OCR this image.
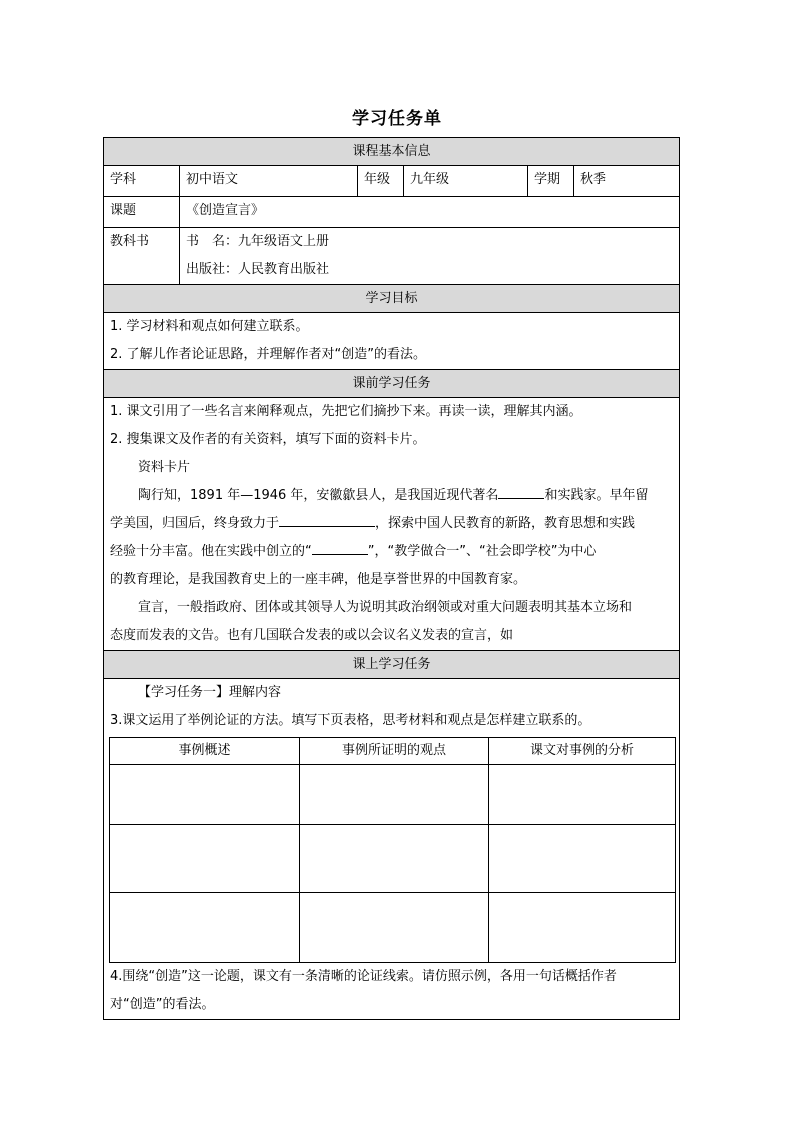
学习任务单
课程基本信息
学科	初中语文	年级	九年级	学期	秋季
课题	《创造宣言》
教科书	书　名：九年级语文上册
出版社：人民教育出版社

学习目标

1. 学习材料和观点如何建立联系。
2. 了解儿作者论证思路，并理解作者对“创造”的看法。

课前学习任务

1. 课文引用了一些名言来阐释观点，先把它们摘抄下来。再读一读，理解其内涵。
2. 搜集课文及作者的有关资料，填写下面的资料卡片。
资料卡片
陶行知，1891 年—1946 年，安徽歙县人，是我国近现代著名	和实践家。早年留
学美国，归国后，终身致力于	，探索中国人民教育的新路，教育思想和实践
经验十分丰富。他在实践中创立的“	”，“教学做合一”、“社会即学校”为中心
的教育理论，是我国教育史上的一座丰碑，他是享誉世界的中国教育家。
宣言，一般指政府、团体或其领导人为说明其政治纲领或对重大问题表明其基本立场和
态度而发表的文告。也有几国联合发表的或以会议名义发表的宣言，如

课上学习任务

【学习任务一】理解内容
3.课文运用了举例论证的方法。填写下页表格，思考材料和观点是怎样建立联系的。
事例概述	事例所证明的观点	课文对事例的分析

4.围绕“创造”这一论题，课文有一条清晰的论证线索。请仿照示例，各用一句话概括作者
对“创造”的看法。
